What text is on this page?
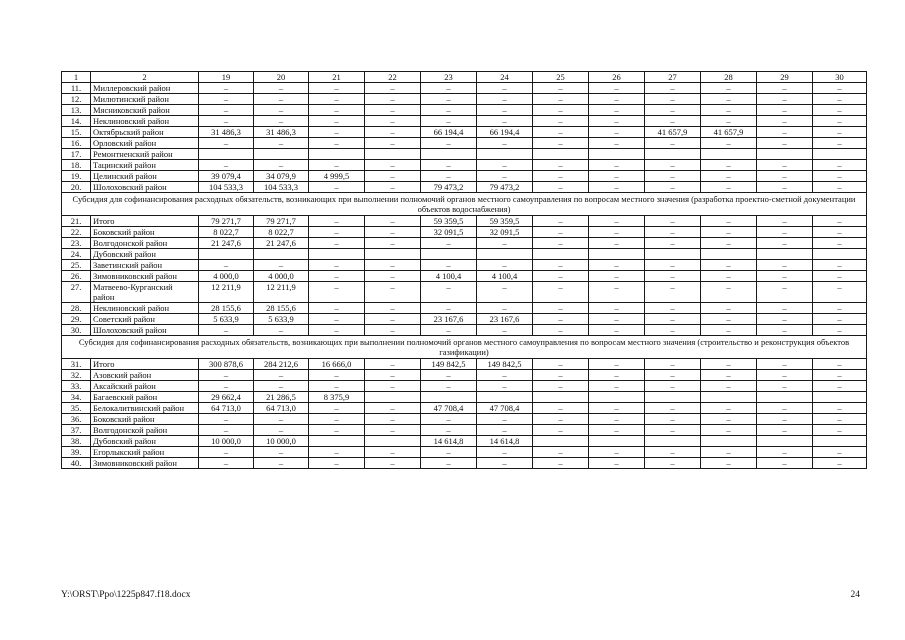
1	2	19	20	21	22	23	24	25	26	27	28	29	30
11.	Миллеровский район	–	–	–	–	–	–	–	–	–	–	–	–
12.	Милютинский район	–	–	–	–	–	–	–	–	–	–	–	–
13.	Мясниковский район	–	–	–	–	–	–	–	–	–	–	–	–
14.	Неклиновский район	–	–	–	–	–	–	–	–	–	–	–	–
15.	Октябрьский район	31 486,3	31 486,3	–	–	66 194,4	66 194,4	–	–	41 657,9	41 657,9	–	–
16.	Орловский район	–	–	–	–	–	–	–	–	–	–	–	–
17.	Ремонтненский район												
18.	Тацинский район	–	–	–	–	–	–	–	–	–	–	–	–
19.	Целинский район	39 079,4	34 079,9	4 999,5	–	–	–	–	–	–	–	–	–
20.	Шолоховский район	104 533,3	104 533,3	–	–	79 473,2	79 473,2	–	–	–	–	–	–
Субсидия для софинансирования расходных обязательств, возникающих при выполнении полномочий органов местного самоуправления по вопросам местного значения (разработка проектно-сметной документации объектов водоснабжения)													
21.	Итого	79 271,7	79 271,7	–	–	59 359,5	59 359,5	–	–	–	–	–	–
22.	Боковский район	8 022,7	8 022,7	–	–	32 091,5	32 091,5	–	–	–	–	–	–
23.	Волгодонской район	21 247,6	21 247,6	–	–	–	–	–	–	–	–	–	–
24.	Дубовский район												
25.	Заветинский район	–	–	–	–	–	–	–	–	–	–	–	–
26.	Зимовниковский район	4 000,0	4 000,0	–	–	4 100,4	4 100,4	–	–	–	–	–	–
27.	Матвеево-Курганский район	12 211,9	12 211,9	–	–	–	–	–	–	–	–	–	–
28.	Неклиновский район	28 155,6	28 155,6	–	–	–	–	–	–	–	–	–	–
29.	Советский район	5 633,9	5 633,9	–	–	23 167,6	23 167,6	–	–	–	–	–	–
30.	Шолоховский район	–	–	–	–	–	–	–	–	–	–	–	–
Субсидия для софинансирования расходных обязательств, возникающих при выполнении полномочий органов местного самоуправления по вопросам местного значения (строительство и реконструкция объектов газификации)													
31.	Итого	300 878,6	284 212,6	16 666,0	–	149 842,5	149 842,5	–	–	–	–	–	–
32.	Азовский район	–	–	–	–	–	–	–	–	–	–	–	–
33.	Аксайский район	–	–	–	–	–	–	–	–	–	–	–	–
34.	Багаевский район	29 662,4	21 286,5	8 375,9									
35.	Белокалитвинский район	64 713,0	64 713,0	–	–	47 708,4	47 708,4	–	–	–	–	–	–
36.	Боковский район	–	–	–	–	–	–	–	–	–	–	–	–
37.	Волгодонской район	–	–	–	–	–	–	–	–	–	–	–	–
38.	Дубовский район	10 000,0	10 000,0			14 614,8	14 614,8						
39.	Егорлыкский район	–	–	–	–	–	–	–	–	–	–	–	–
40.	Зимовниковский район	–	–	–	–	–	–	–	–	–	–	–	–
Y:\ORST\Ppo\1225p847.f18.docx	24
